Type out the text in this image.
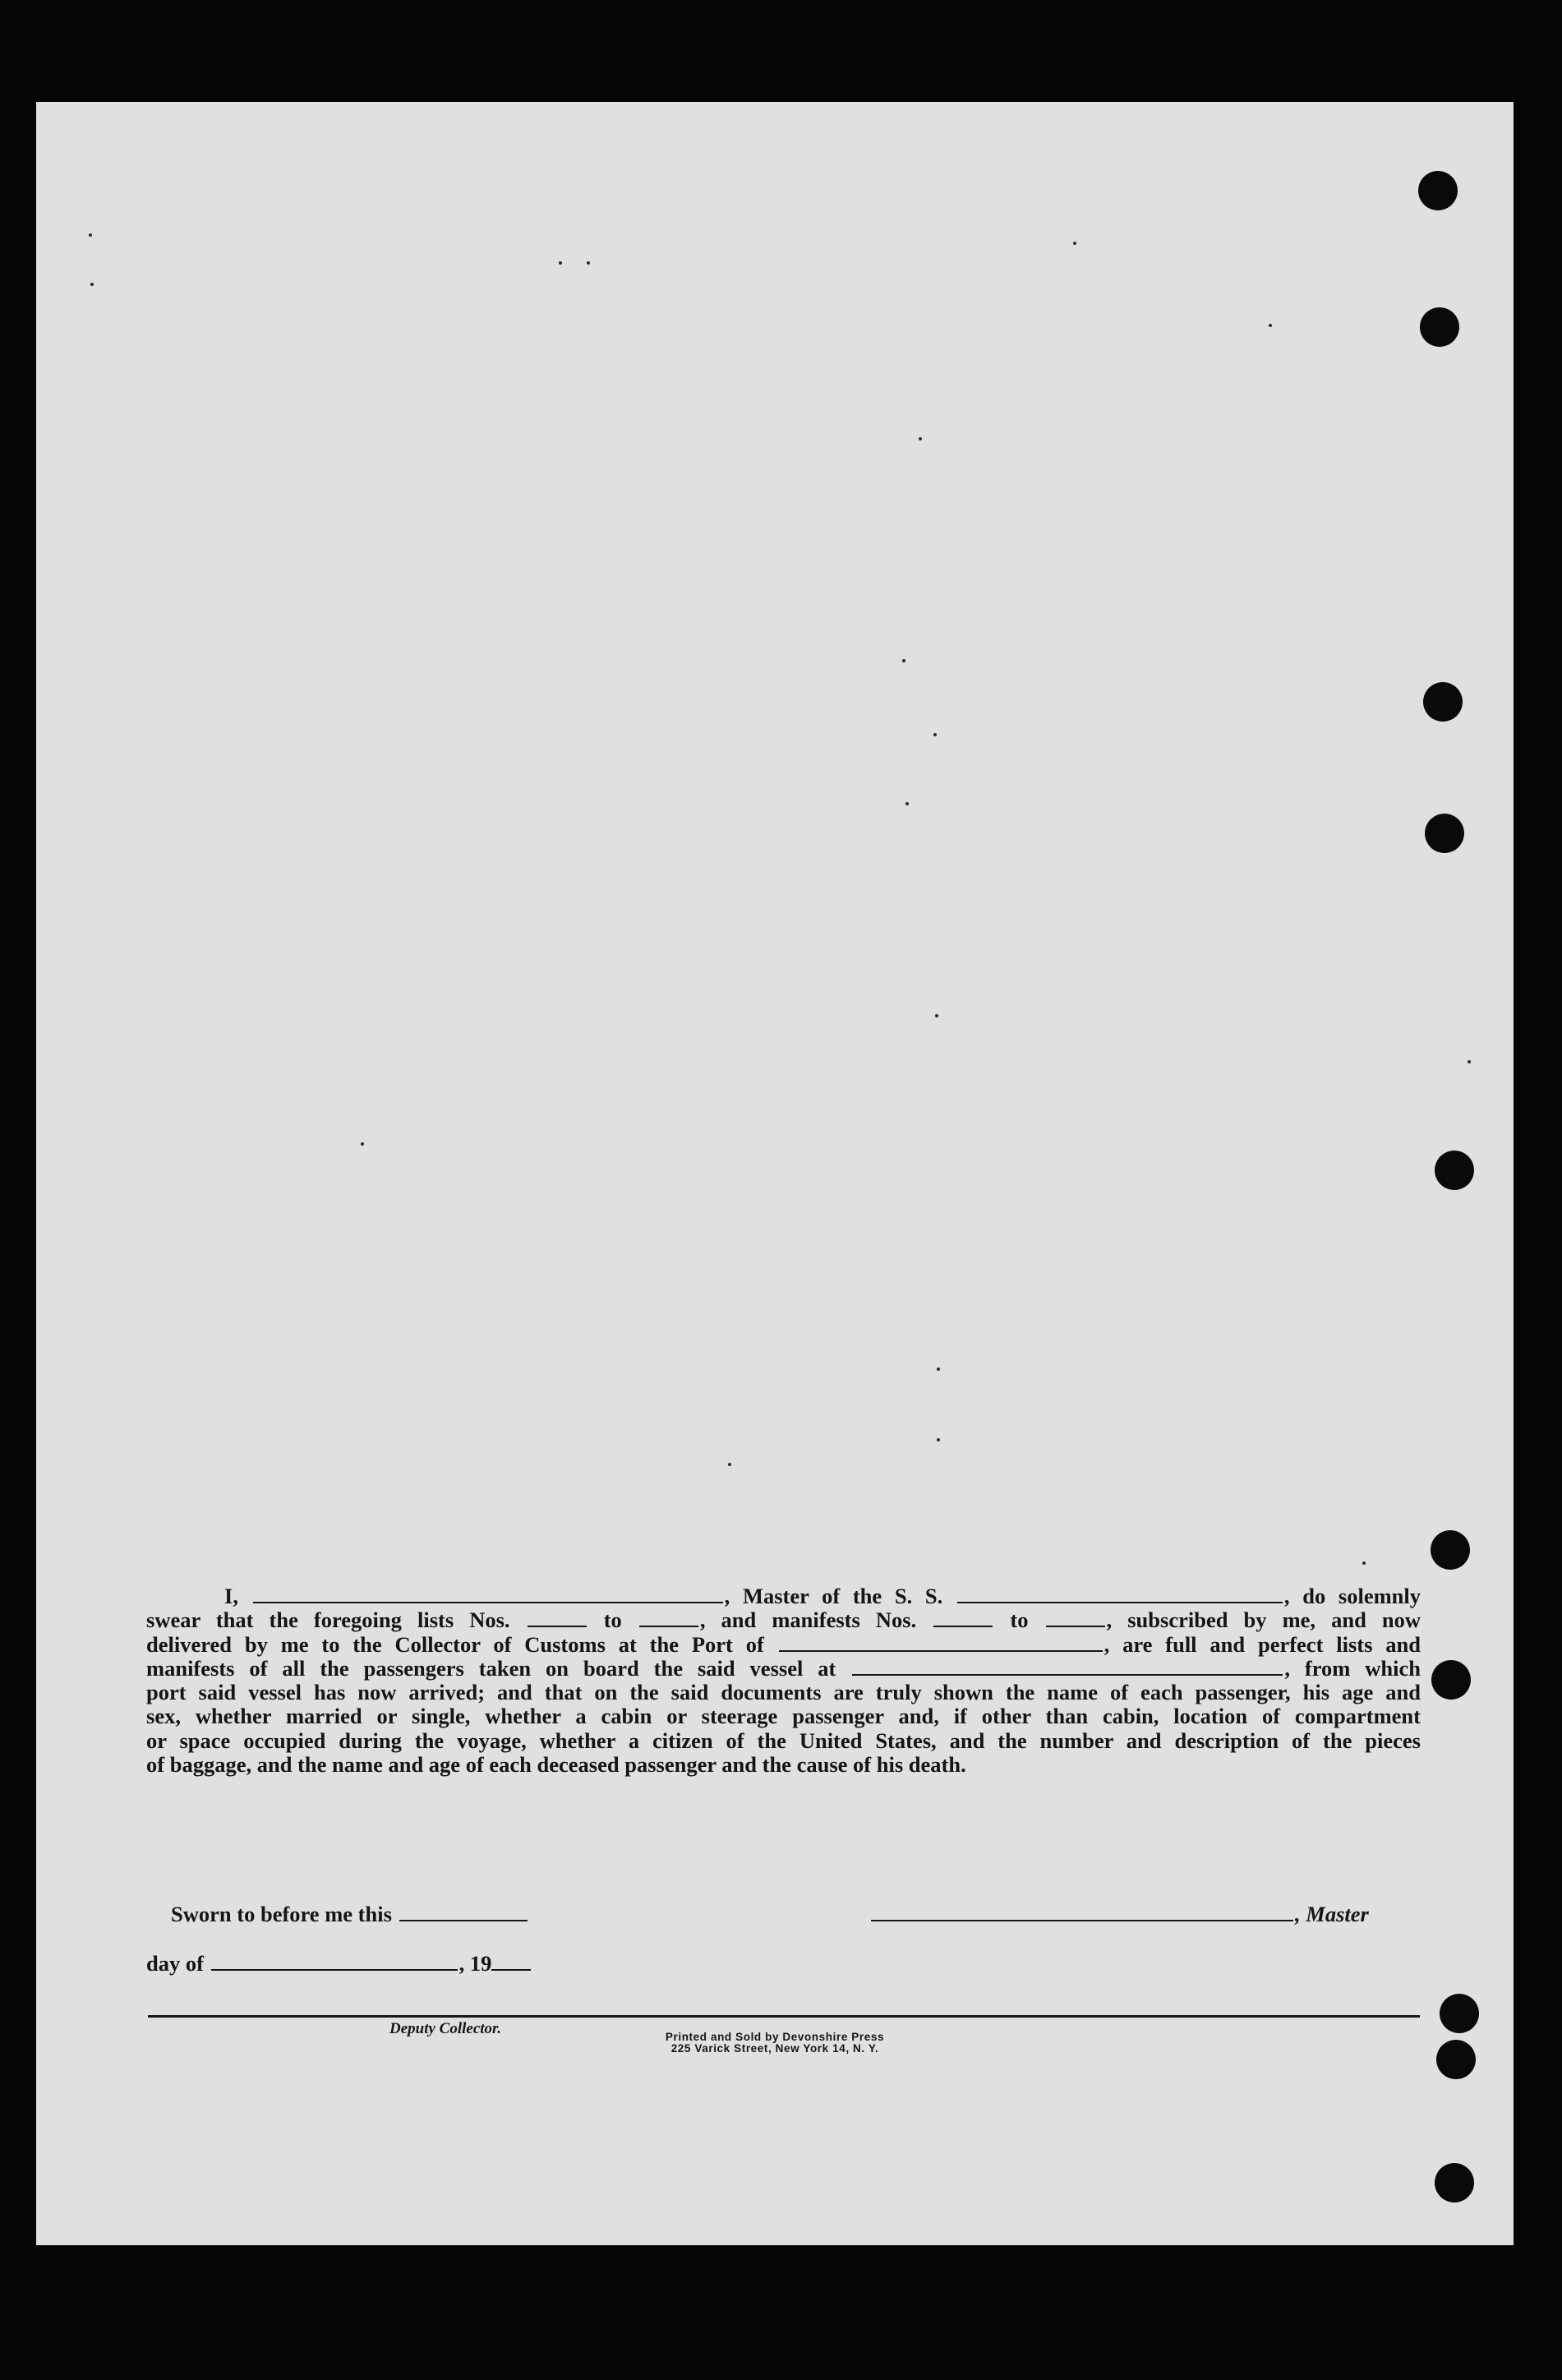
I,	, Master of the S. S.	, do solemnly
swear that the foregoing lists Nos.	to	, and manifests Nos.	to	, subscribed by me, and now
delivered by me to the Collector of Customs at the Port of	, are full and perfect lists and
manifests of all the passengers taken on board the said vessel at	, from which
port said vessel has now arrived; and that on the said documents are truly shown the name of each passenger, his age and
sex, whether married or single, whether a cabin or steerage passenger and, if other than cabin, location of compartment
or space occupied during the voyage, whether a citizen of the United States, and the number and description of the pieces
of baggage, and the name and age of each deceased passenger and the cause of his death.
Sworn to before me this	, Master
day of	, 19
Deputy Collector.	Printed and Sold by Devonshire Press
225 Varick Street, New York 14, N. Y.
